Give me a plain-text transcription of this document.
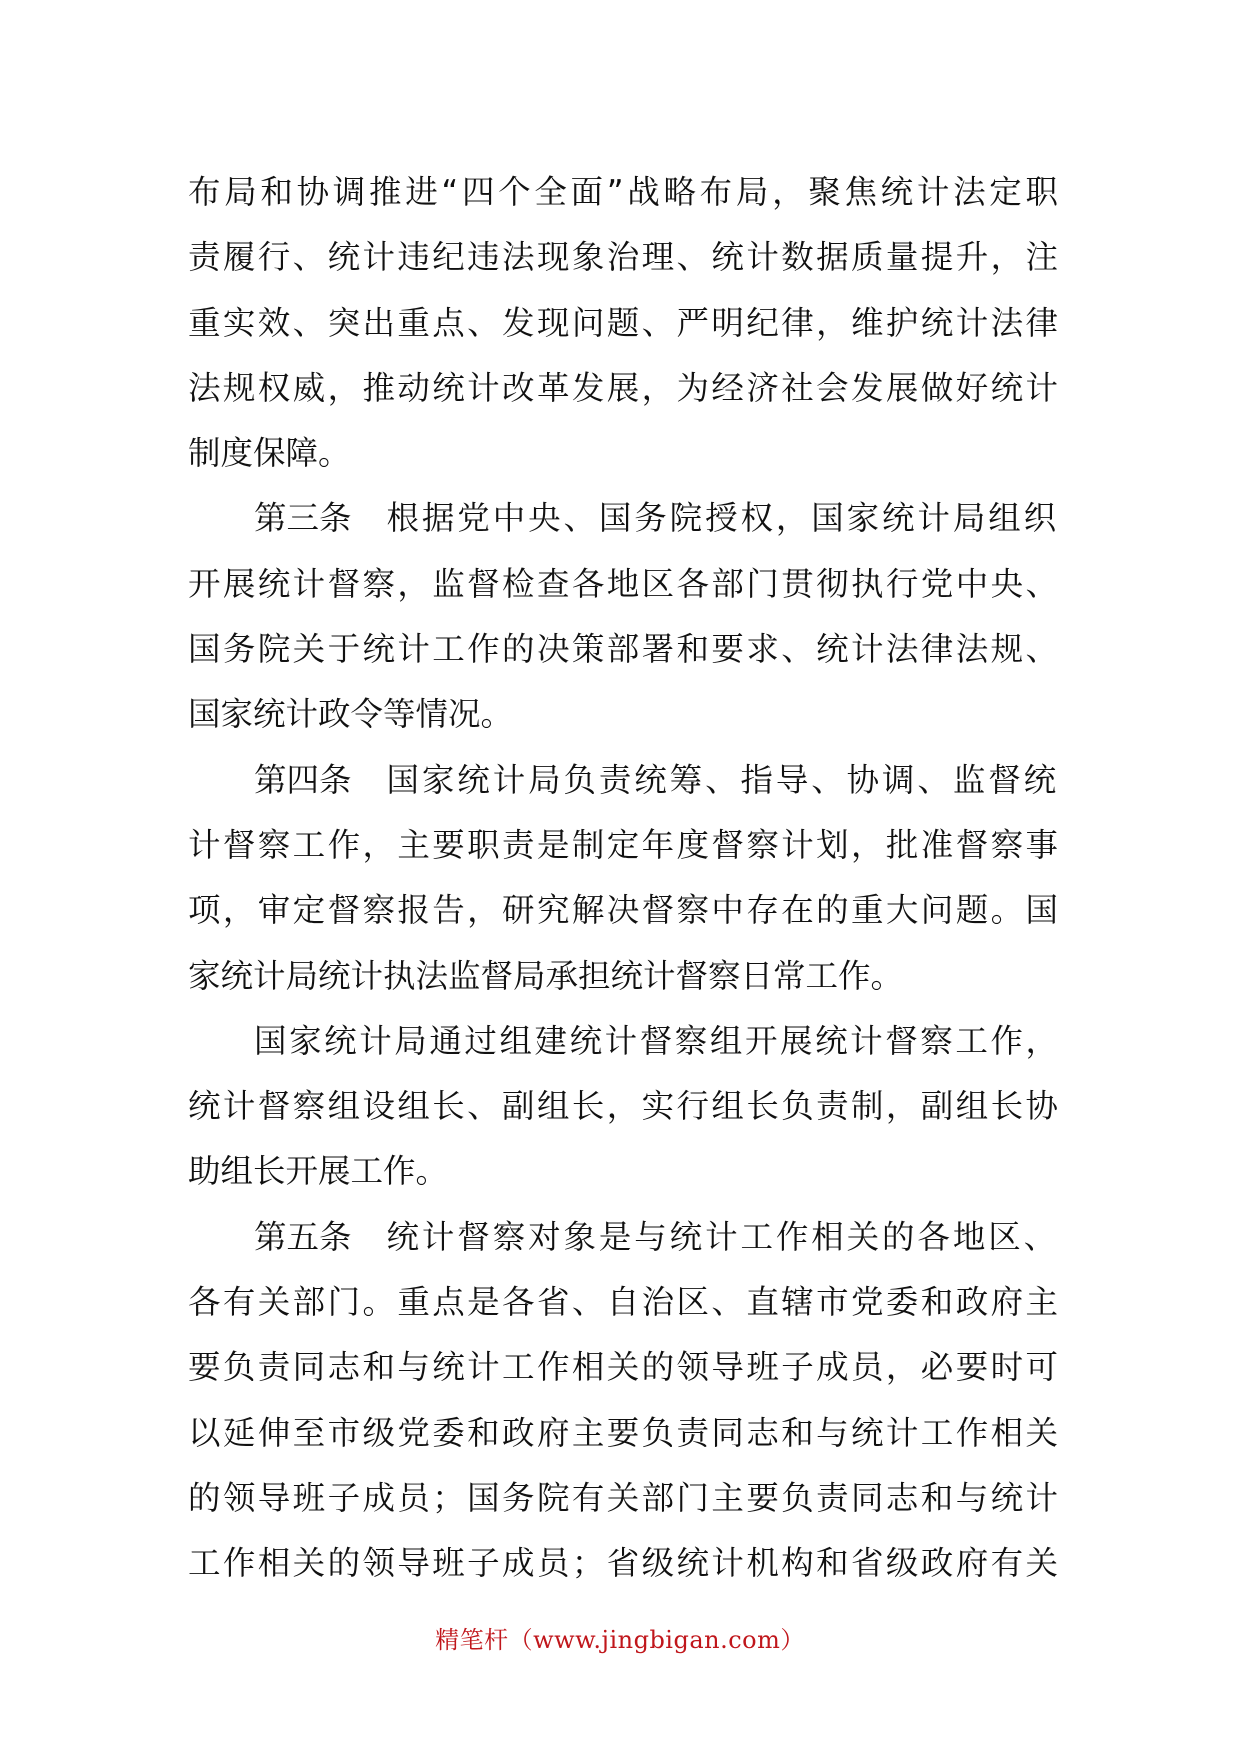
布局和协调推进“四个全面”战略布局，聚焦统计法定职
责履行、统计违纪违法现象治理、统计数据质量提升，注
重实效、突出重点、发现问题、严明纪律，维护统计法律
法规权威，推动统计改革发展，为经济社会发展做好统计
制度保障。
第三条 根据党中央、国务院授权，国家统计局组织
开展统计督察，监督检查各地区各部门贯彻执行党中央、
国务院关于统计工作的决策部署和要求、统计法律法规、
国家统计政令等情况。
第四条 国家统计局负责统筹、指导、协调、监督统
计督察工作，主要职责是制定年度督察计划，批准督察事
项，审定督察报告，研究解决督察中存在的重大问题。国
家统计局统计执法监督局承担统计督察日常工作。
国家统计局通过组建统计督察组开展统计督察工作，
统计督察组设组长、副组长，实行组长负责制，副组长协
助组长开展工作。
第五条 统计督察对象是与统计工作相关的各地区、
各有关部门。重点是各省、自治区、直辖市党委和政府主
要负责同志和与统计工作相关的领导班子成员，必要时可
以延伸至市级党委和政府主要负责同志和与统计工作相关
的领导班子成员；国务院有关部门主要负责同志和与统计
工作相关的领导班子成员；省级统计机构和省级政府有关
精笔杆（www.jingbigan.com）
